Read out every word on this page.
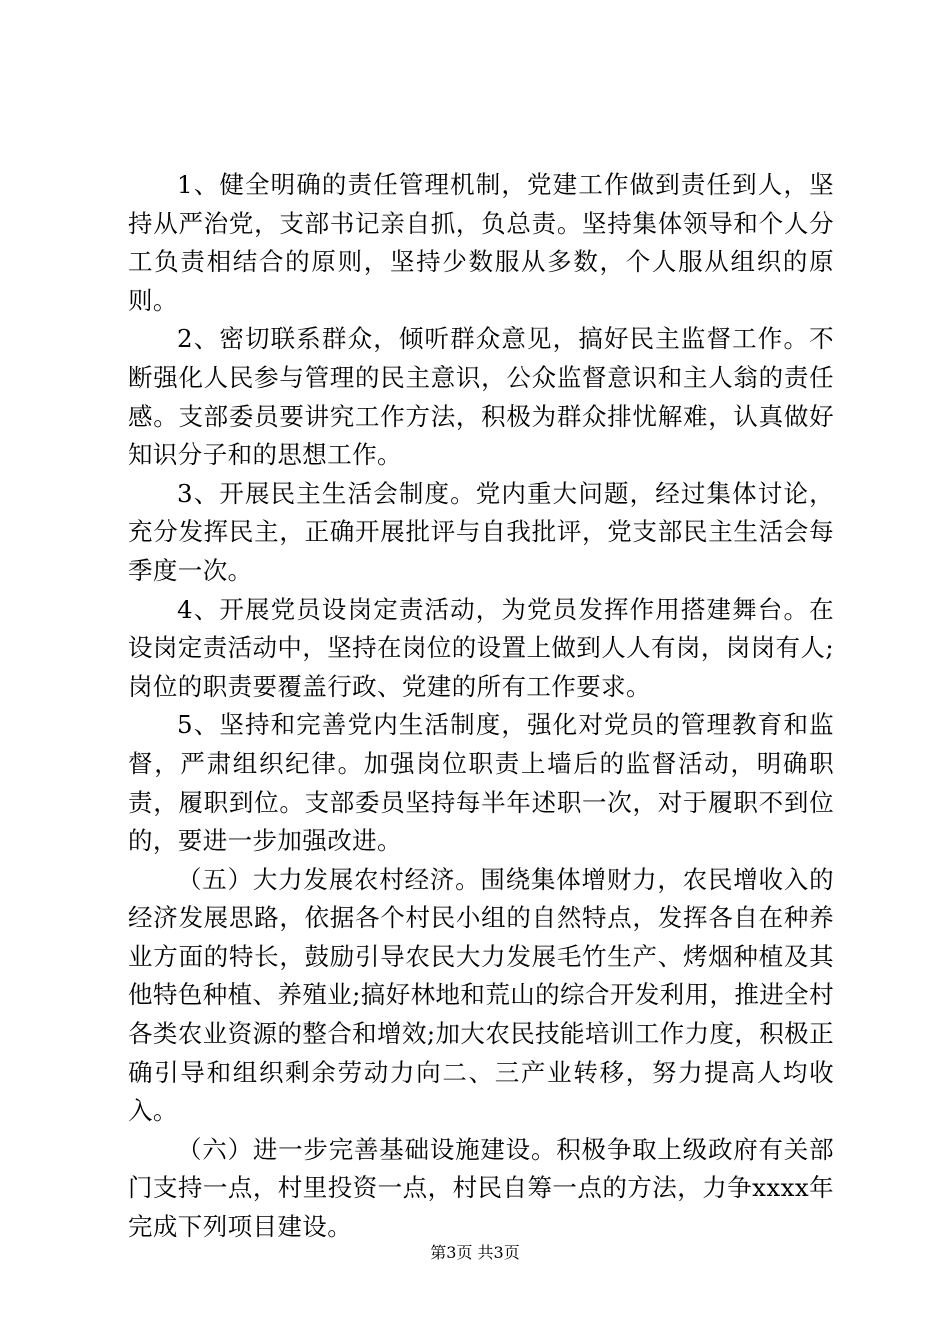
1、健全明确的责任管理机制，党建工作做到责任到人，坚持从严治党，支部书记亲自抓，负总责。坚持集体领导和个人分工负责相结合的原则，坚持少数服从多数，个人服从组织的原则。

2、密切联系群众，倾听群众意见，搞好民主监督工作。不断强化人民参与管理的民主意识，公众监督意识和主人翁的责任感。支部委员要讲究工作方法，积极为群众排忧解难，认真做好知识分子和的思想工作。

3、开展民主生活会制度。党内重大问题，经过集体讨论，充分发挥民主，正确开展批评与自我批评，党支部民主生活会每季度一次。

4、开展党员设岗定责活动，为党员发挥作用搭建舞台。在设岗定责活动中，坚持在岗位的设置上做到人人有岗，岗岗有人;岗位的职责要覆盖行政、党建的所有工作要求。

5、坚持和完善党内生活制度，强化对党员的管理教育和监督，严肃组织纪律。加强岗位职责上墙后的监督活动，明确职责，履职到位。支部委员坚持每半年述职一次，对于履职不到位的，要进一步加强改进。

（五）大力发展农村经济。围绕集体增财力，农民增收入的经济发展思路，依据各个村民小组的自然特点，发挥各自在种养业方面的特长，鼓励引导农民大力发展毛竹生产、烤烟种植及其他特色种植、养殖业;搞好林地和荒山的综合开发利用，推进全村各类农业资源的整合和增效;加大农民技能培训工作力度，积极正确引导和组织剩余劳动力向二、三产业转移，努力提高人均收入。

（六）进一步完善基础设施建设。积极争取上级政府有关部门支持一点，村里投资一点，村民自筹一点的方法，力争xxxx年完成下列项目建设。

第3页 共3页
